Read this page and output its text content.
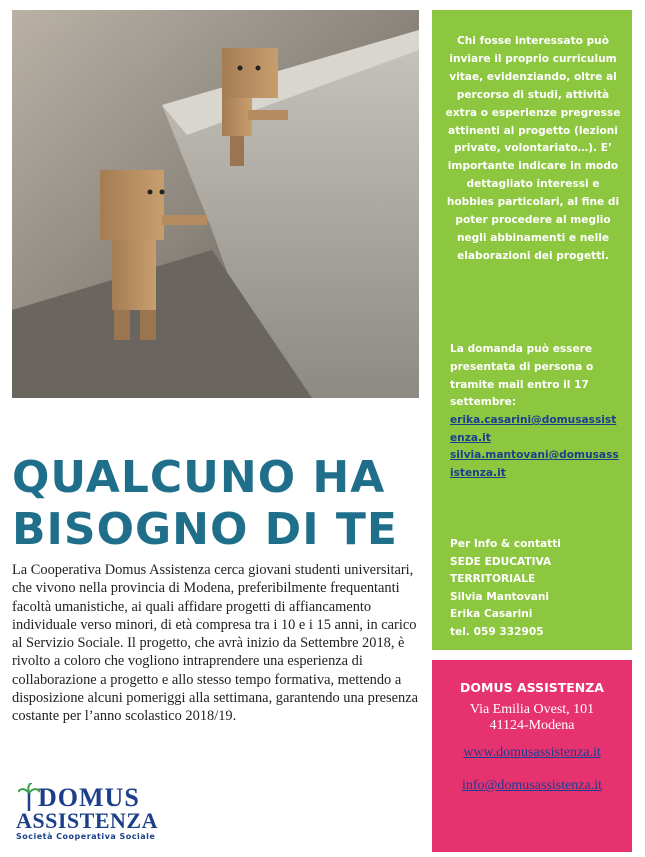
QUALCUNO HA
BISOGNO DI TE

La Cooperativa Domus Assistenza cerca giovani studenti universitari, che vivono nella provincia di Modena, preferibilmente frequentanti facoltà umanistiche, ai quali affidare progetti di affiancamento individuale verso minori, di età compresa tra i 10 e i 15 anni, in carico al Servizio Sociale. Il progetto, che avrà inizio da Settembre 2018, è rivolto a coloro che vogliono intraprendere una esperienza di collaborazione a progetto e allo stesso tempo formativa, mettendo a disposizione alcuni pomeriggi alla settimana, garantendo una presenza costante per l’anno scolastico 2018/19.

DOMUS
ASSISTENZA
Società Cooperativa Sociale

Chi fosse interessato può inviare il proprio curriculum vitae, evidenziando, oltre al percorso di studi, attività extra o esperienze pregresse attinenti al progetto (lezioni private, volontariato…). E’ importante indicare in modo dettagliato interessi e hobbies particolari, al fine di poter procedere al meglio negli abbinamenti e nelle elaborazioni dei progetti.

La domanda può essere presentata di persona o tramite mail entro il 17 settembre:

erika.casarini@domusassistenza.it
silvia.mantovani@domusassistenza.it

Per Info & contatti
SEDE EDUCATIVA TERRITORIALE
Silvia Mantovani
Erika Casarini
tel. 059 332905

DOMUS ASSISTENZA
Via Emilia Ovest, 101
41124-Modena
www.domusassistenza.it
info@domusassistenza.it
